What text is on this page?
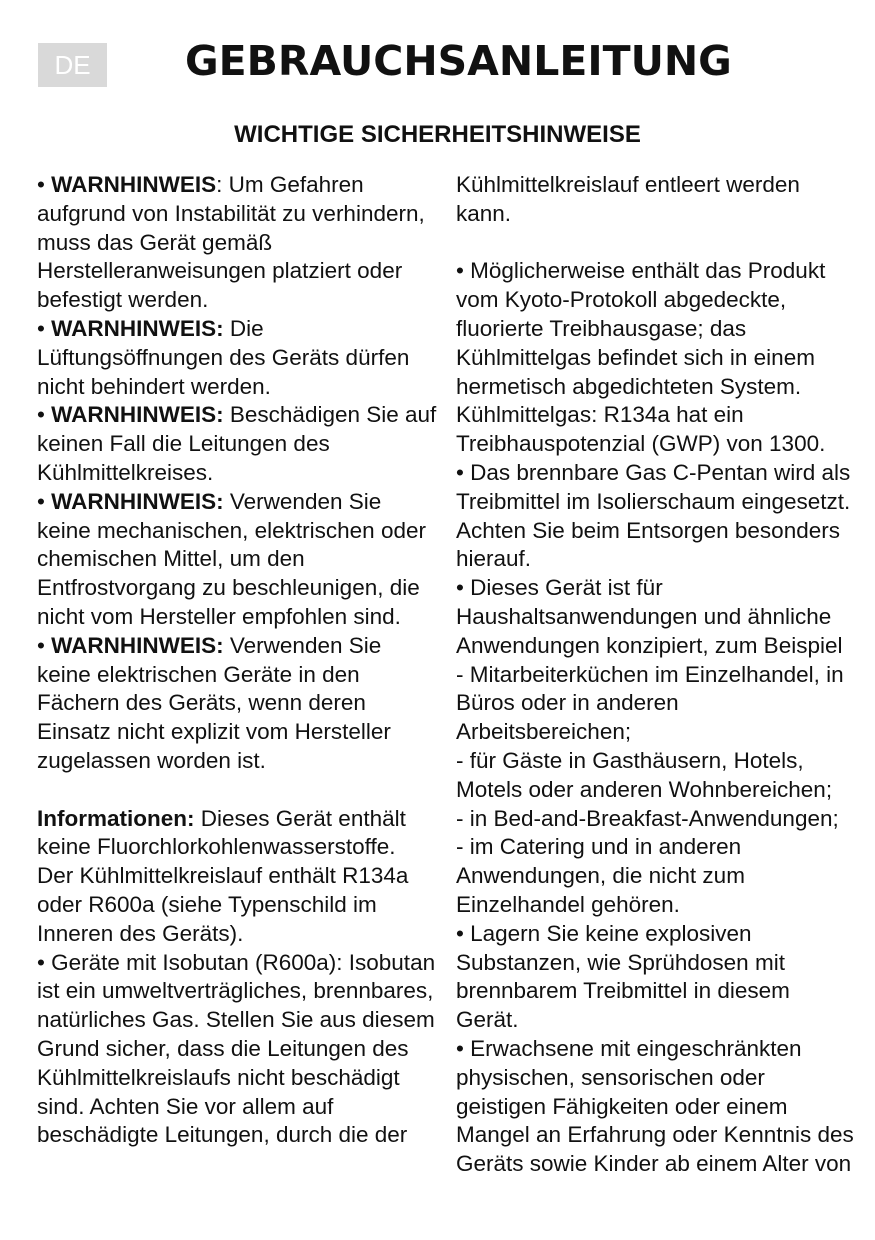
DE	GEBRAUCHSANLEITUNG
WICHTIGE SICHERHEITSHINWEISE
• WARNHINWEIS: Um Gefahren
aufgrund von Instabilität zu verhindern,
muss das Gerät gemäß
Herstelleranweisungen platziert oder
befestigt werden.
• WARNHINWEIS: Die
Lüftungsöffnungen des Geräts dürfen
nicht behindert werden.
• WARNHINWEIS: Beschädigen Sie auf
keinen Fall die Leitungen des
Kühlmittelkreises.
• WARNHINWEIS: Verwenden Sie
keine mechanischen, elektrischen oder
chemischen Mittel, um den
Entfrostvorgang zu beschleunigen, die
nicht vom Hersteller empfohlen sind.
• WARNHINWEIS: Verwenden Sie
keine elektrischen Geräte in den
Fächern des Geräts, wenn deren
Einsatz nicht explizit vom Hersteller
zugelassen worden ist.
Informationen: Dieses Gerät enthält
keine Fluorchlorkohlenwasserstoffe.
Der Kühlmittelkreislauf enthält R134a
oder R600a (siehe Typenschild im
Inneren des Geräts).
• Geräte mit Isobutan (R600a): Isobutan
ist ein umweltverträgliches, brennbares,
natürliches Gas. Stellen Sie aus diesem
Grund sicher, dass die Leitungen des
Kühlmittelkreislaufs nicht beschädigt
sind. Achten Sie vor allem auf
beschädigte Leitungen, durch die der
Kühlmittelkreislauf entleert werden
kann.
• Möglicherweise enthält das Produkt
vom Kyoto-Protokoll abgedeckte,
fluorierte Treibhausgase; das
Kühlmittelgas befindet sich in einem
hermetisch abgedichteten System.
Kühlmittelgas: R134a hat ein
Treibhauspotenzial (GWP) von 1300.
• Das brennbare Gas C-Pentan wird als
Treibmittel im Isolierschaum eingesetzt.
Achten Sie beim Entsorgen besonders
hierauf.
• Dieses Gerät ist für
Haushaltsanwendungen und ähnliche
Anwendungen konzipiert, zum Beispiel
- Mitarbeiterküchen im Einzelhandel, in
Büros oder in anderen
Arbeitsbereichen;
- für Gäste in Gasthäusern, Hotels,
Motels oder anderen Wohnbereichen;
- in Bed-and-Breakfast-Anwendungen;
- im Catering und in anderen
Anwendungen, die nicht zum
Einzelhandel gehören.
• Lagern Sie keine explosiven
Substanzen, wie Sprühdosen mit
brennbarem Treibmittel in diesem
Gerät.
• Erwachsene mit eingeschränkten
physischen, sensorischen oder
geistigen Fähigkeiten oder einem
Mangel an Erfahrung oder Kenntnis des
Geräts sowie Kinder ab einem Alter von
